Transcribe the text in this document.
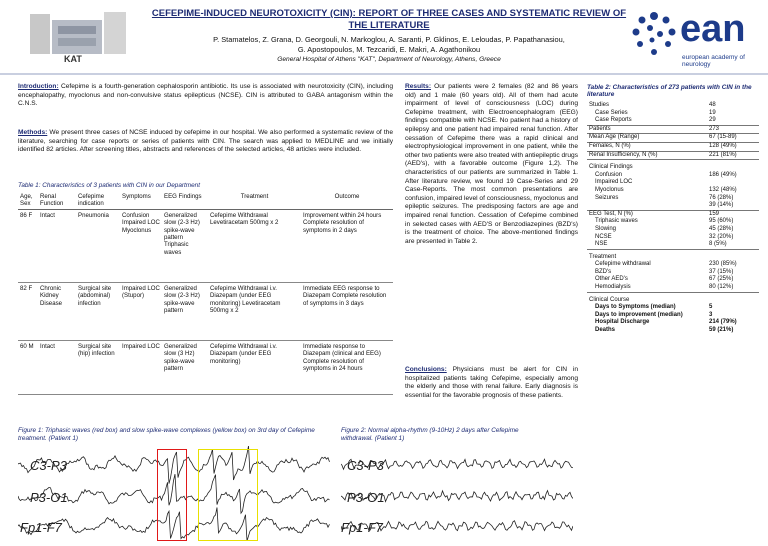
KAT
CEFEPIME-INDUCED NEUROTOXICITY (CIN): REPORT OF THREE CASES AND SYSTEMATIC REVIEW OF THE LITERATURE
P. Stamatelos, Z. Grana, D. Georgouli, N. Markoglou, A. Saranti, P. Gklinos, E. Leloudas, P. Papathanasiou,
G. Apostopoulos, M. Tezcaridi, E. Makri, A. Agathonikou
General Hospital of Athens "KAT", Department of Neurology, Athens, Greece
ean
european academy of neurology
Introduction: Cefepime is a fourth-generation cephalosporin antibiotic. Its use is associated with neurotoxicity (CIN), including encephalopathy, myoclonus and non-convulsive status epilepticus (NCSE). CIN is attributed to GABA antagonism within the C.N.S.
Methods: We present three cases of NCSE induced by cefepime in our hospital. We also performed a systematic review of the literature, searching for case reports or series of patients with CIN. The search was applied to MEDLINE and we initially identified 82 articles. After screening titles, abstracts and references of the selected articles, 48 articles were included.
Table 1: Characteristics of 3 patients with CIN in our Department
Age, Sex	Renal Function	Cefepime indication	Symptoms	EEG Findings	Treatment	Outcome
86 F	Intact	Pneumonia	Confusion Impaired LOC Myoclonus	Generalized slow (2-3 Hz) spike-wave pattern Triphasic waves	Cefepime Withdrawal Levetiracetam 500mg x 2	Improvement within 24 hours Complete resolution of symptoms in 2 days
82 F	Chronic Kidney Disease	Surgical site (abdominal) infection	Impaired LOC (Stupor)	Generalized slow (2-3 Hz) spike-wave pattern	Cefepime Withdrawal i.v. Diazepam (under EEG monitoring) Levetiracetam 500mg x 2	Immediate EEG response to Diazepam Complete resolution of symptoms in 3 days
60 M	Intact	Surgical site (hip) infection	Impaired LOC	Generalized slow (3 Hz) spike-wave pattern	Cefepime Withdrawal i.v. Diazepam (under EEG monitoring)	Immediate response to Diazepam (clinical and EEG) Complete resolution of symptoms in 24 hours
Results: Our patients were 2 females (82 and 86 years old) and 1 male (60 years old). All of them had acute impairment of level of consciousness (LOC) during Cefepime treatment, with Electroencephalogram (EEG) findings compatible with NCSE. No patient had a history of epilepsy and one patient had impaired renal function. After cessation of Cefepime there was a rapid clinical and electrophysiological improvement in one patient, while the other two patients were also treated with antiepileptic drugs (AED's), with a favorable outcome (Figure 1,2). The characteristics of our patients are summarized in Table 1. After literature review, we found 19 Case-Series and 29 Case-Reports. The most common presentations are confusion, impaired level of consciousness, myoclonus and epileptic seizures. The predisposing factors are age and impaired renal function. Cessation of Cefepime combined in selected cases with AED'S or Benzodiazepines (BZD's) is the treatment of choice. The above-mentioned findings are presented in Table 2.
Conclusions: Physicians must be alert for CIN in hospitalized patients taking Cefepime, especially among the elderly and those with renal failure. Early diagnosis is essential for the favorable prognosis of these patients.
Table 2: Characteristics of 273 patients with CIN in the literature
Studies	48
Case Series	19
Case Reports	29
Patients	273
Mean Age (Range)	67 (15-89)
Females, N (%)	128 (49%)
Renal Insufficiency, N (%)	221 (81%)
Clinical Findings	
Confusion	186 (49%)
Impaired LOC	
Myoclonus	132 (48%)
Seizures	76 (28%)
	39 (14%)
EEG Test, N (%)	159
Triphasic waves	95 (60%)
Slowing	45 (28%)
NCSE	32 (20%)
NSE	8 (5%)
Treatment	
Cefepime withdrawal	230 (85%)
BZD's	37 (15%)
Other AED's	67 (25%)
Hemodialysis	80 (12%)
Clinical Course	
Days to Symptoms (median)	5
Days to improvement (median)	3
Hospital Discharge	214 (79%)
Deaths	59 (21%)
Figure 1: Triphasic waves (red box) and slow spike-wave complexes (yellow box) on 3rd day of Cefepime treatment. (Patient 1)
Figure 2: Normal alpha-rhythm (9-10Hz) 2 days after Cefepime withdrawal. (Patient 1)
C3-P3
P3-O1
Fp1-F7
C3-P3
P3-O1
Fp1-F7
